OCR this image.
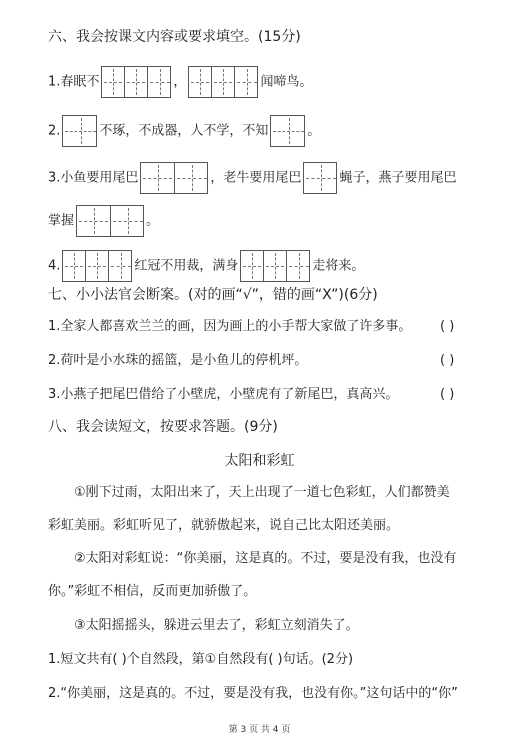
六、我会按课文内容或要求填空。(15分)
1.春眠不	，	闻啼鸟。
2.	不琢，不成器，人不学，不知	。
3.小鱼要用尾巴	，老牛要用尾巴	蝇子，燕子要用尾巴
掌握	。
4.	红冠不用裁，满身	走将来。
七、小小法官会断案。(对的画“√”，错的画“X”)(6分)
1.全家人都喜欢兰兰的画，因为画上的小手帮大家做了许多事。 ( )
2.荷叶是小水珠的摇篮，是小鱼儿的停机坪。	( )
3.小燕子把尾巴借给了小壁虎，小壁虎有了新尾巴，真高兴。	( )
八、我会读短文，按要求答题。(9分)
太阳和彩虹
①刚下过雨，太阳出来了，天上出现了一道七色彩虹，人们都赞美
彩虹美丽。彩虹听见了，就骄傲起来，说自己比太阳还美丽。
②太阳对彩虹说：“你美丽，这是真的。不过，要是没有我，也没有
你。”彩虹不相信，反而更加骄傲了。
③太阳摇摇头，躲进云里去了，彩虹立刻消失了。
1.短文共有( )个自然段，第①自然段有( )句话。(2分)
2.“你美丽，这是真的。不过，要是没有我，也没有你。”这句话中的“你”
第 3 页 共 4 页
